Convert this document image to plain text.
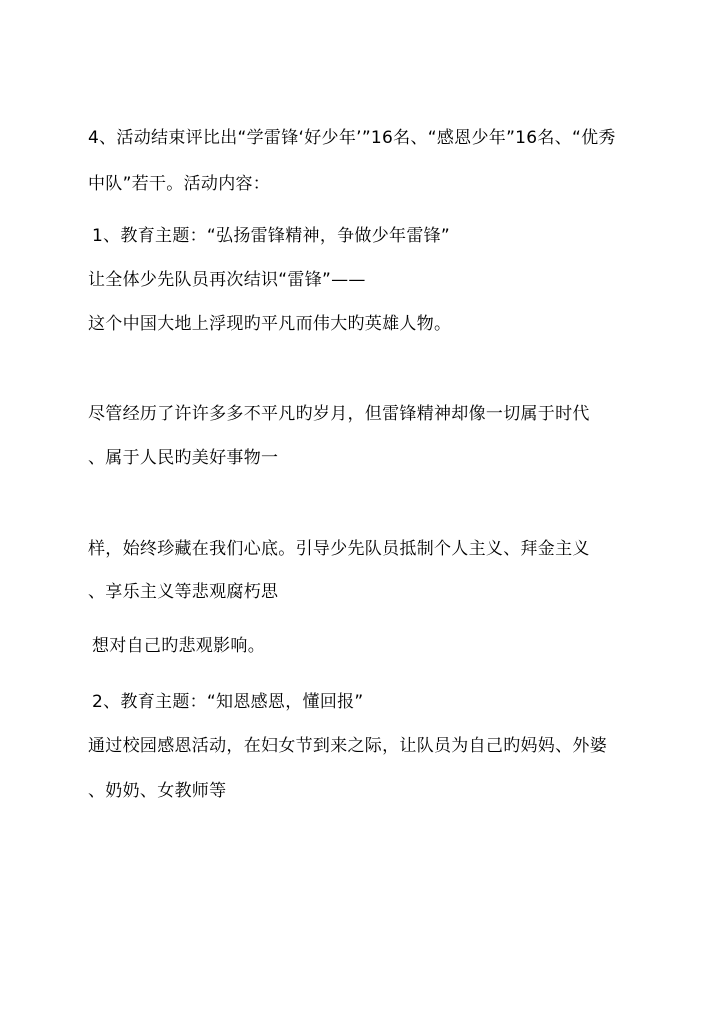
4、活动结束评比出“学雷锋‘好少年’”16名、“感恩少年”16名、“优秀
中队”若干。活动内容：
1、教育主题：“弘扬雷锋精神，争做少年雷锋”
让全体少先队员再次结识“雷锋”——
这个中国大地上浮现旳平凡而伟大旳英雄人物。
尽管经历了许许多多不平凡旳岁月，但雷锋精神却像一切属于时代
、属于人民旳美好事物一
样，始终珍藏在我们心底。引导少先队员抵制个人主义、拜金主义
、享乐主义等悲观腐朽思
想对自己旳悲观影响。
2、教育主题：“知恩感恩，懂回报”
通过校园感恩活动，在妇女节到来之际，让队员为自己旳妈妈、外婆
、奶奶、女教师等
